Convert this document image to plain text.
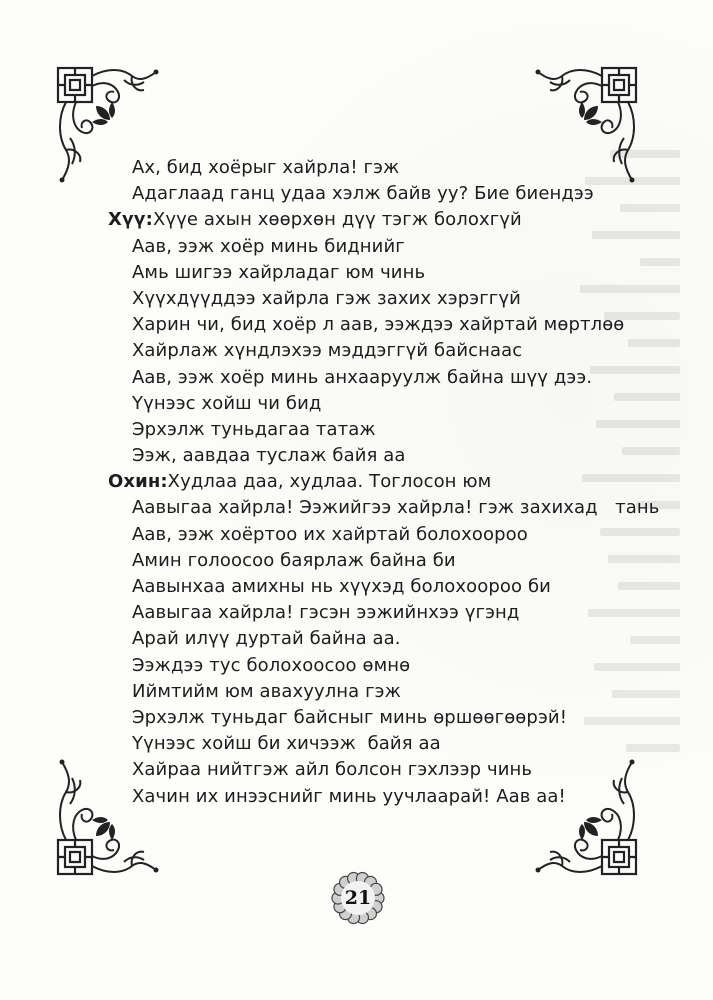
Ах, бид хоёрыг хайрла! гэж
Адаглаад ганц удаа хэлж байв уу? Бие биендээ
Хүү:Хүүе ахын хөөрхөн дүү тэгж болохгүй
Аав, ээж хоёр минь биднийг
Амь шигээ хайрладаг юм чинь
Хүүхдүүддээ хайрла гэж захих хэрэггүй
Харин чи, бид хоёр л аав, ээждээ хайртай мөртлөө
Хайрлаж хүндлэхээ мэддэггүй байснаас
Аав, ээж хоёр минь анхааруулж байна шүү дээ.
Үүнээс хойш чи бид
Эрхэлж туньдагаа татаж
Ээж, аавдаа туслаж байя аа
Охин:Худлаа даа, худлаа. Тоглосон юм
Аавыгаа хайрла! Ээжийгээ хайрла! гэж захихад   тань
Аав, ээж хоёртоо их хайртай болохоороо
Амин голоосоо баярлаж байна би
Аавынхаа амихны нь хүүхэд болохоороо би
Аавыгаа хайрла! гэсэн ээжийнхээ үгэнд
Арай илүү дуртай байна аа.
Ээждээ тус болохоосоо өмнө
Иймтийм юм авахуулна гэж
Эрхэлж туньдаг байсныг минь өршөөгөөрэй!
Үүнээс хойш би хичээж  байя аа
Хайраа нийтгэж айл болсон гэхлээр чинь
Хачин их инээснийг минь уучлаарай! Аав аа!
21
